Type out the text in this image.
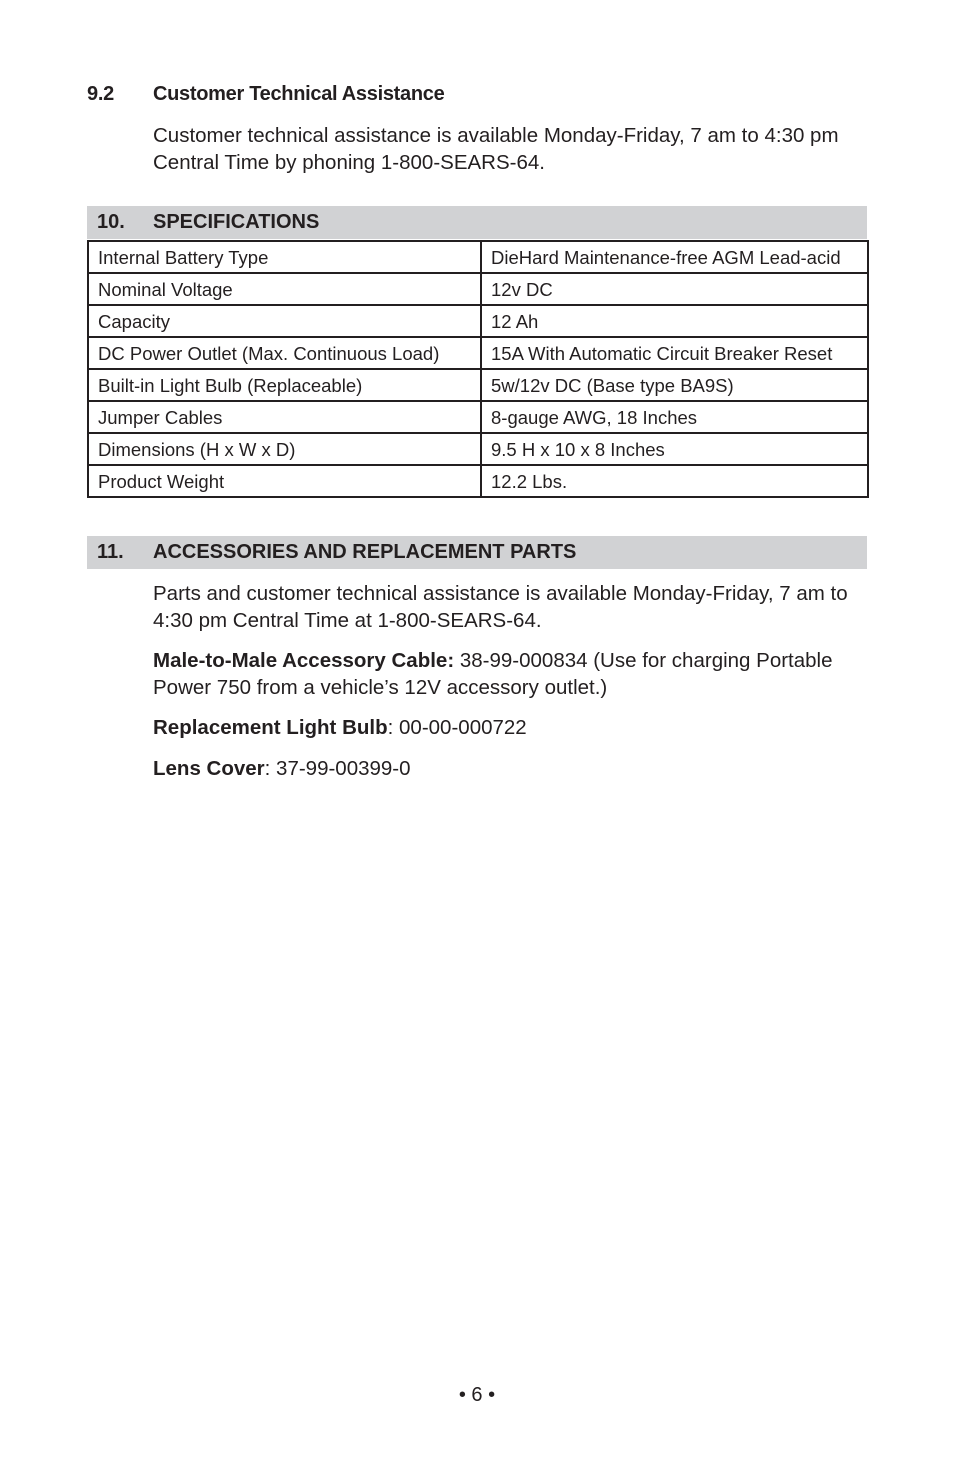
9.2	Customer Technical Assistance
Customer technical assistance is available Monday-Friday, 7 am to 4:30 pm Central Time by phoning 1-800-SEARS-64.
10.	SPECIFICATIONS
Internal Battery Type	DieHard Maintenance-free AGM Lead-acid
Nominal Voltage	12v DC
Capacity	12 Ah
DC Power Outlet (Max. Continuous Load)	15A With Automatic Circuit Breaker Reset
Built-in Light Bulb (Replaceable)	5w/12v DC (Base type BA9S)
Jumper Cables	8-gauge AWG, 18 Inches
Dimensions (H x W x D)	9.5 H x 10 x 8 Inches
Product Weight	12.2 Lbs.
11.	ACCESSORIES AND REPLACEMENT PARTS
Parts and customer technical assistance is available Monday-Friday, 7 am to 4:30 pm Central Time at 1-800-SEARS-64.
Male-to-Male Accessory Cable: 38-99-000834 (Use for charging Portable Power 750 from a vehicle’s 12V accessory outlet.)
Replacement Light Bulb: 00-00-000722
Lens Cover: 37-99-00399-0
• 6 •
